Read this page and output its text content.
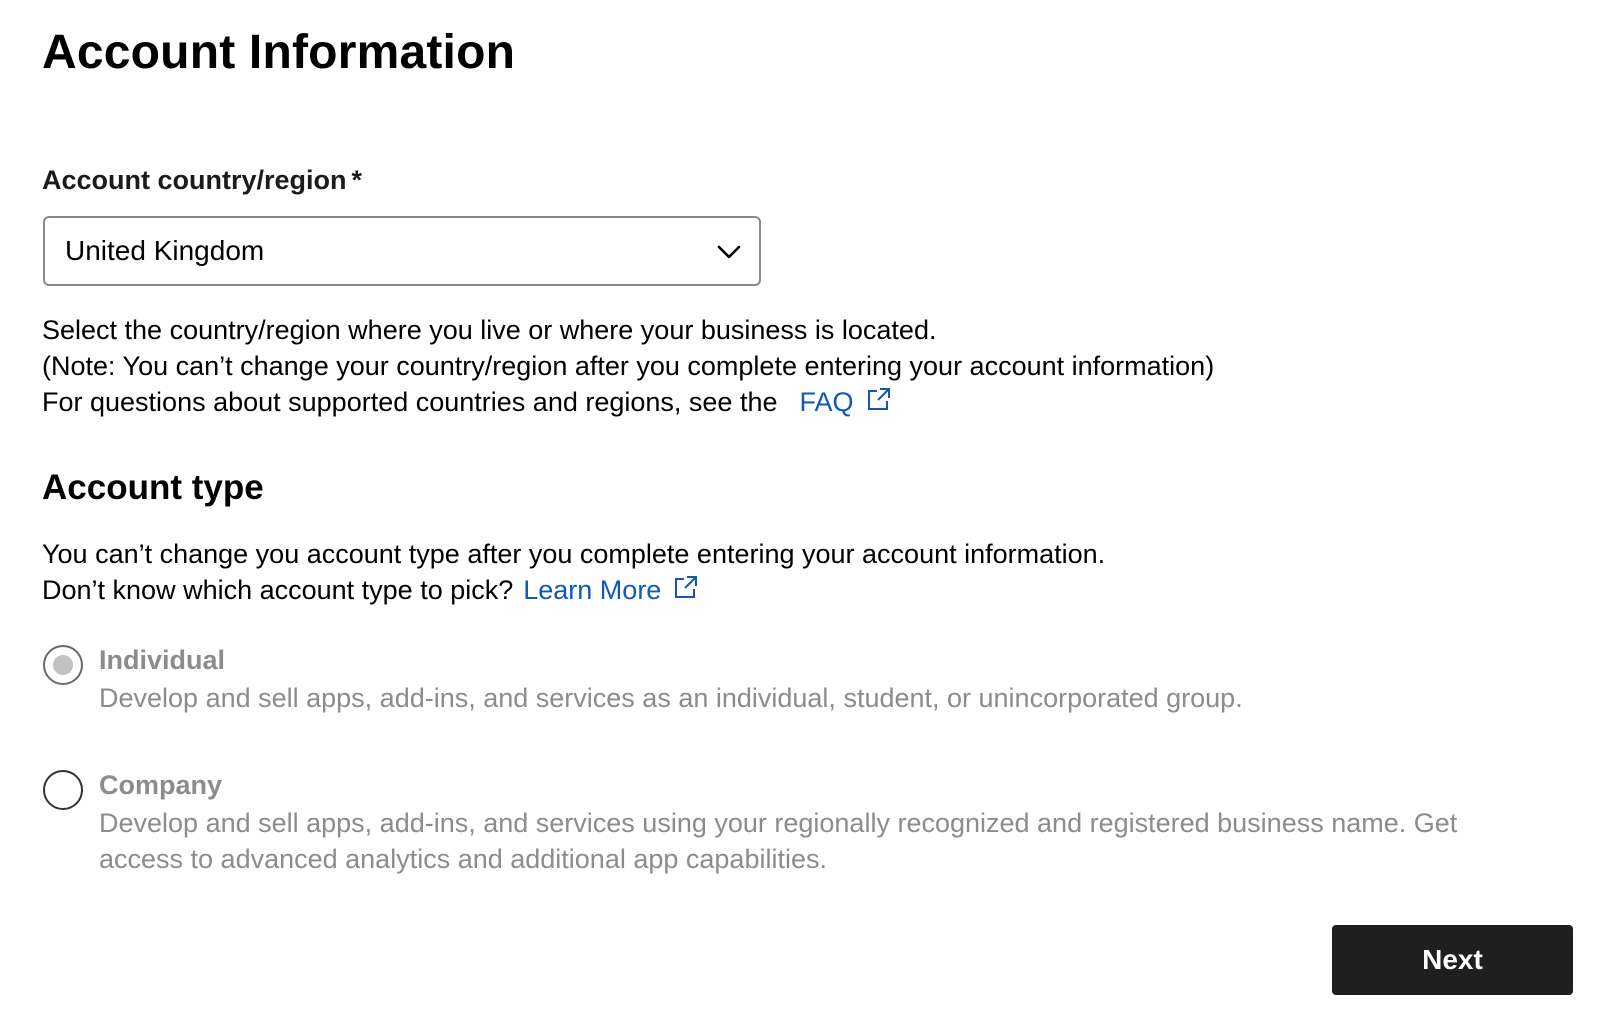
Account Information
Account country/region *
United Kingdom
Select the country/region where you live or where your business is located.
(Note: You can’t change your country/region after you complete entering your account information)
For questions about supported countries and regions, see the FAQ
Account type
You can’t change you account type after you complete entering your account information.
Don’t know which account type to pick? Learn More
Individual
Develop and sell apps, add-ins, and services as an individual, student, or unincorporated group.
Company
Develop and sell apps, add-ins, and services using your regionally recognized and registered business name. Get access to advanced analytics and additional app capabilities.
Next
